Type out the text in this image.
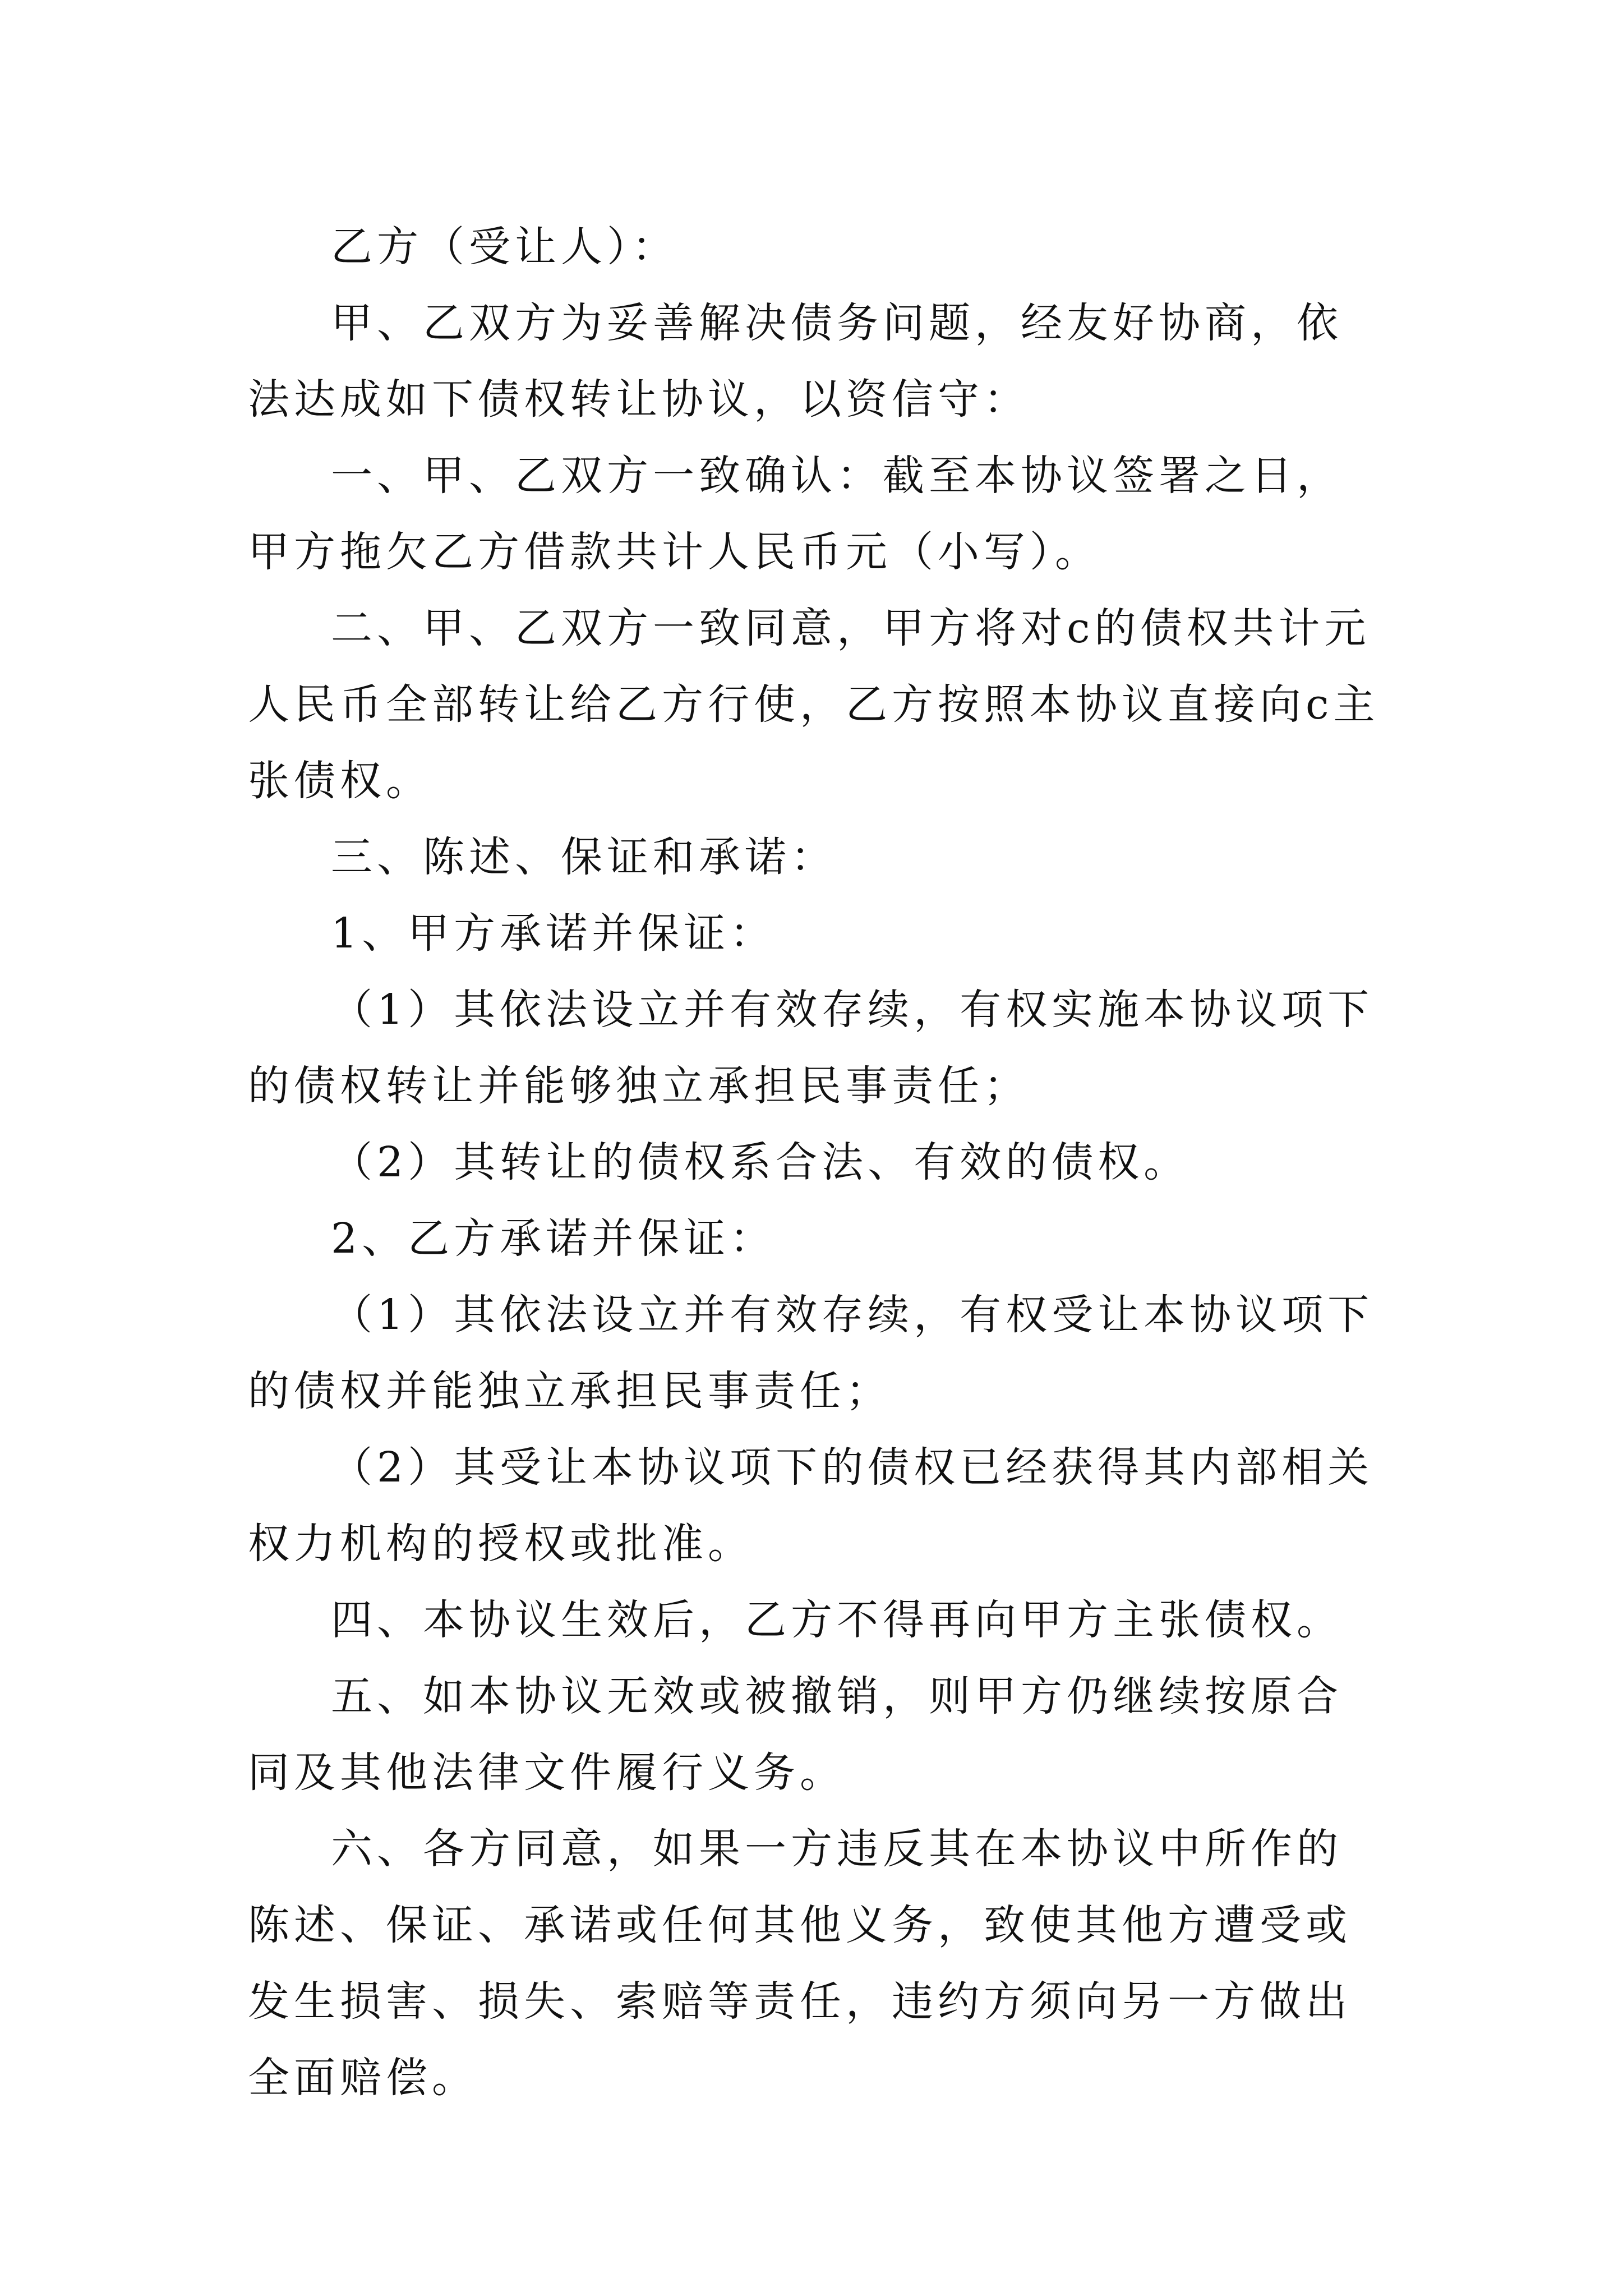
乙方（受让人）：

甲、乙双方为妥善解决债务问题，经友好协商，依法达成如下债权转让协议，以资信守：

一、甲、乙双方一致确认：截至本协议签署之日，甲方拖欠乙方借款共计人民币元（小写）。

二、甲、乙双方一致同意，甲方将对c的债权共计元人民币全部转让给乙方行使，乙方按照本协议直接向c主张债权。

三、陈述、保证和承诺：

1、甲方承诺并保证：

（1）其依法设立并有效存续，有权实施本协议项下的债权转让并能够独立承担民事责任；

（2）其转让的债权系合法、有效的债权。

2、乙方承诺并保证：

（1）其依法设立并有效存续，有权受让本协议项下的债权并能独立承担民事责任；

（2）其受让本协议项下的债权已经获得其内部相关权力机构的授权或批准。

四、本协议生效后，乙方不得再向甲方主张债权。

五、如本协议无效或被撤销，则甲方仍继续按原合同及其他法律文件履行义务。

六、各方同意，如果一方违反其在本协议中所作的陈述、保证、承诺或任何其他义务，致使其他方遭受或发生损害、损失、索赔等责任，违约方须向另一方做出全面赔偿。
